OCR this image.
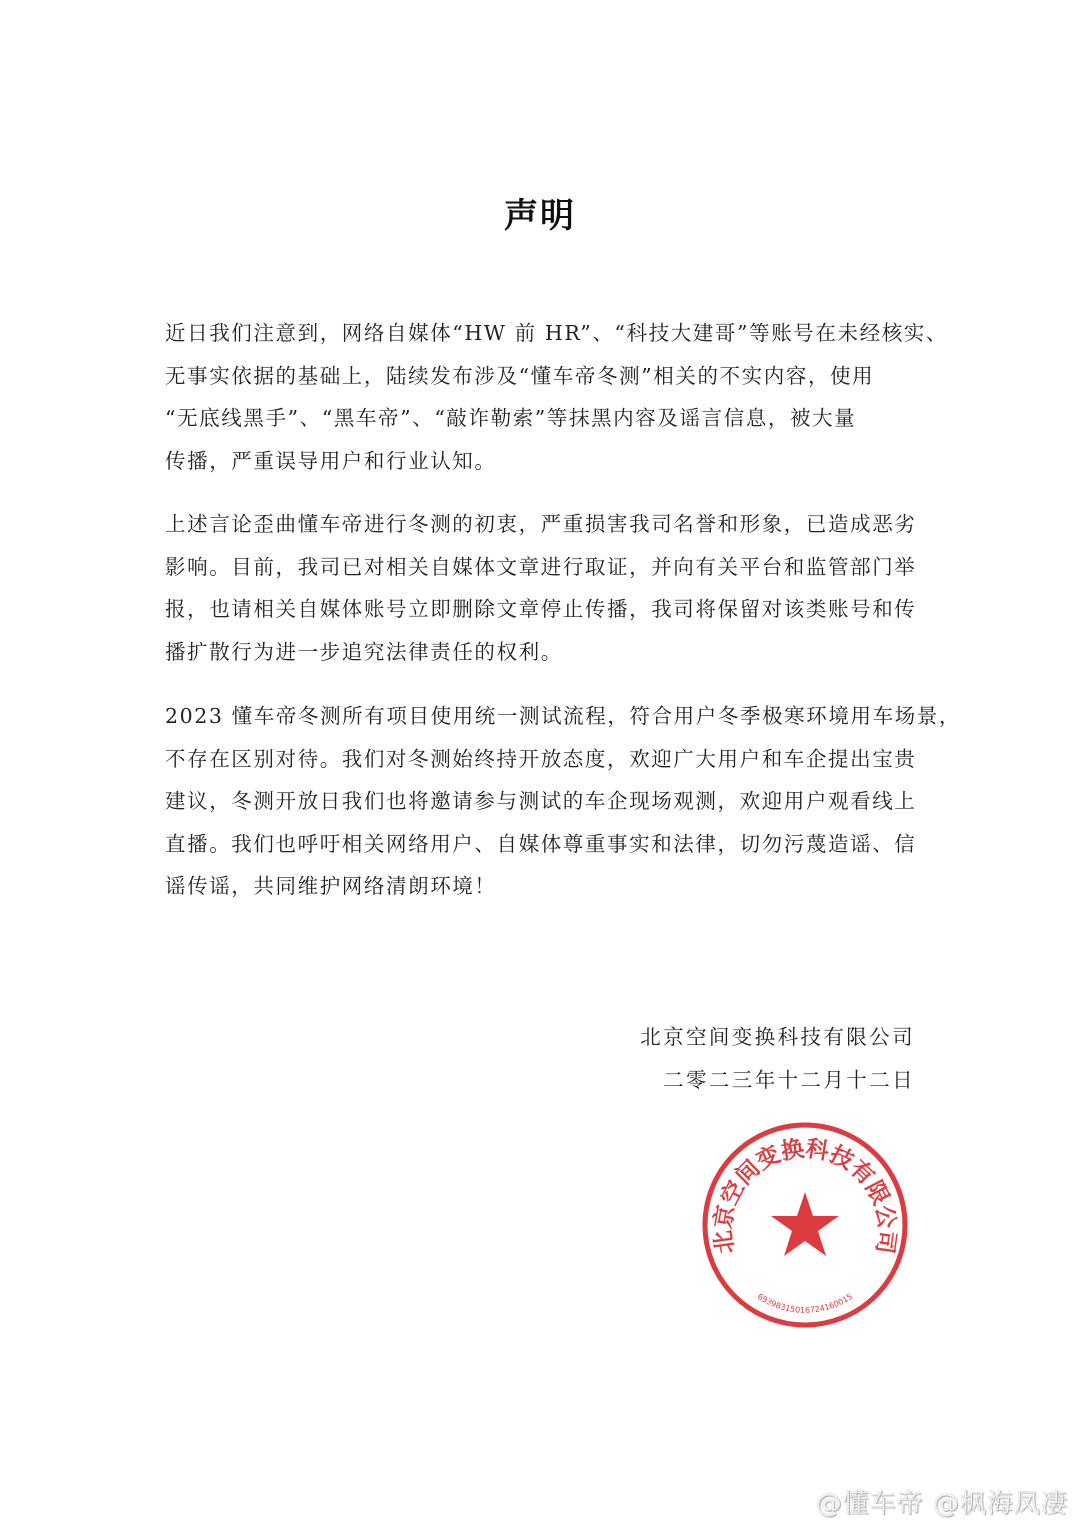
声明
近日我们注意到，网络自媒体“HW 前 HR”、“科技大建哥”等账号在未经核实、
无事实依据的基础上，陆续发布涉及“懂车帝冬测”相关的不实内容，使用
“无底线黑手”、“黑车帝”、“敲诈勒索”等抹黑内容及谣言信息，被大量
传播，严重误导用户和行业认知。
上述言论歪曲懂车帝进行冬测的初衷，严重损害我司名誉和形象，已造成恶劣
影响。目前，我司已对相关自媒体文章进行取证，并向有关平台和监管部门举
报，也请相关自媒体账号立即删除文章停止传播，我司将保留对该类账号和传
播扩散行为进一步追究法律责任的权利。
2023 懂车帝冬测所有项目使用统一测试流程，符合用户冬季极寒环境用车场景，
不存在区别对待。我们对冬测始终持开放态度，欢迎广大用户和车企提出宝贵
建议，冬测开放日我们也将邀请参与测试的车企现场观测，欢迎用户观看线上
直播。我们也呼吁相关网络用户、自媒体尊重事实和法律，切勿污蔑造谣、信
谣传谣，共同维护网络清朗环境！
北京空间变换科技有限公司
二零二三年十二月十二日
北京空间变换科技有限公司
69398315016724160015
@懂车帝 @枫海凤凄
